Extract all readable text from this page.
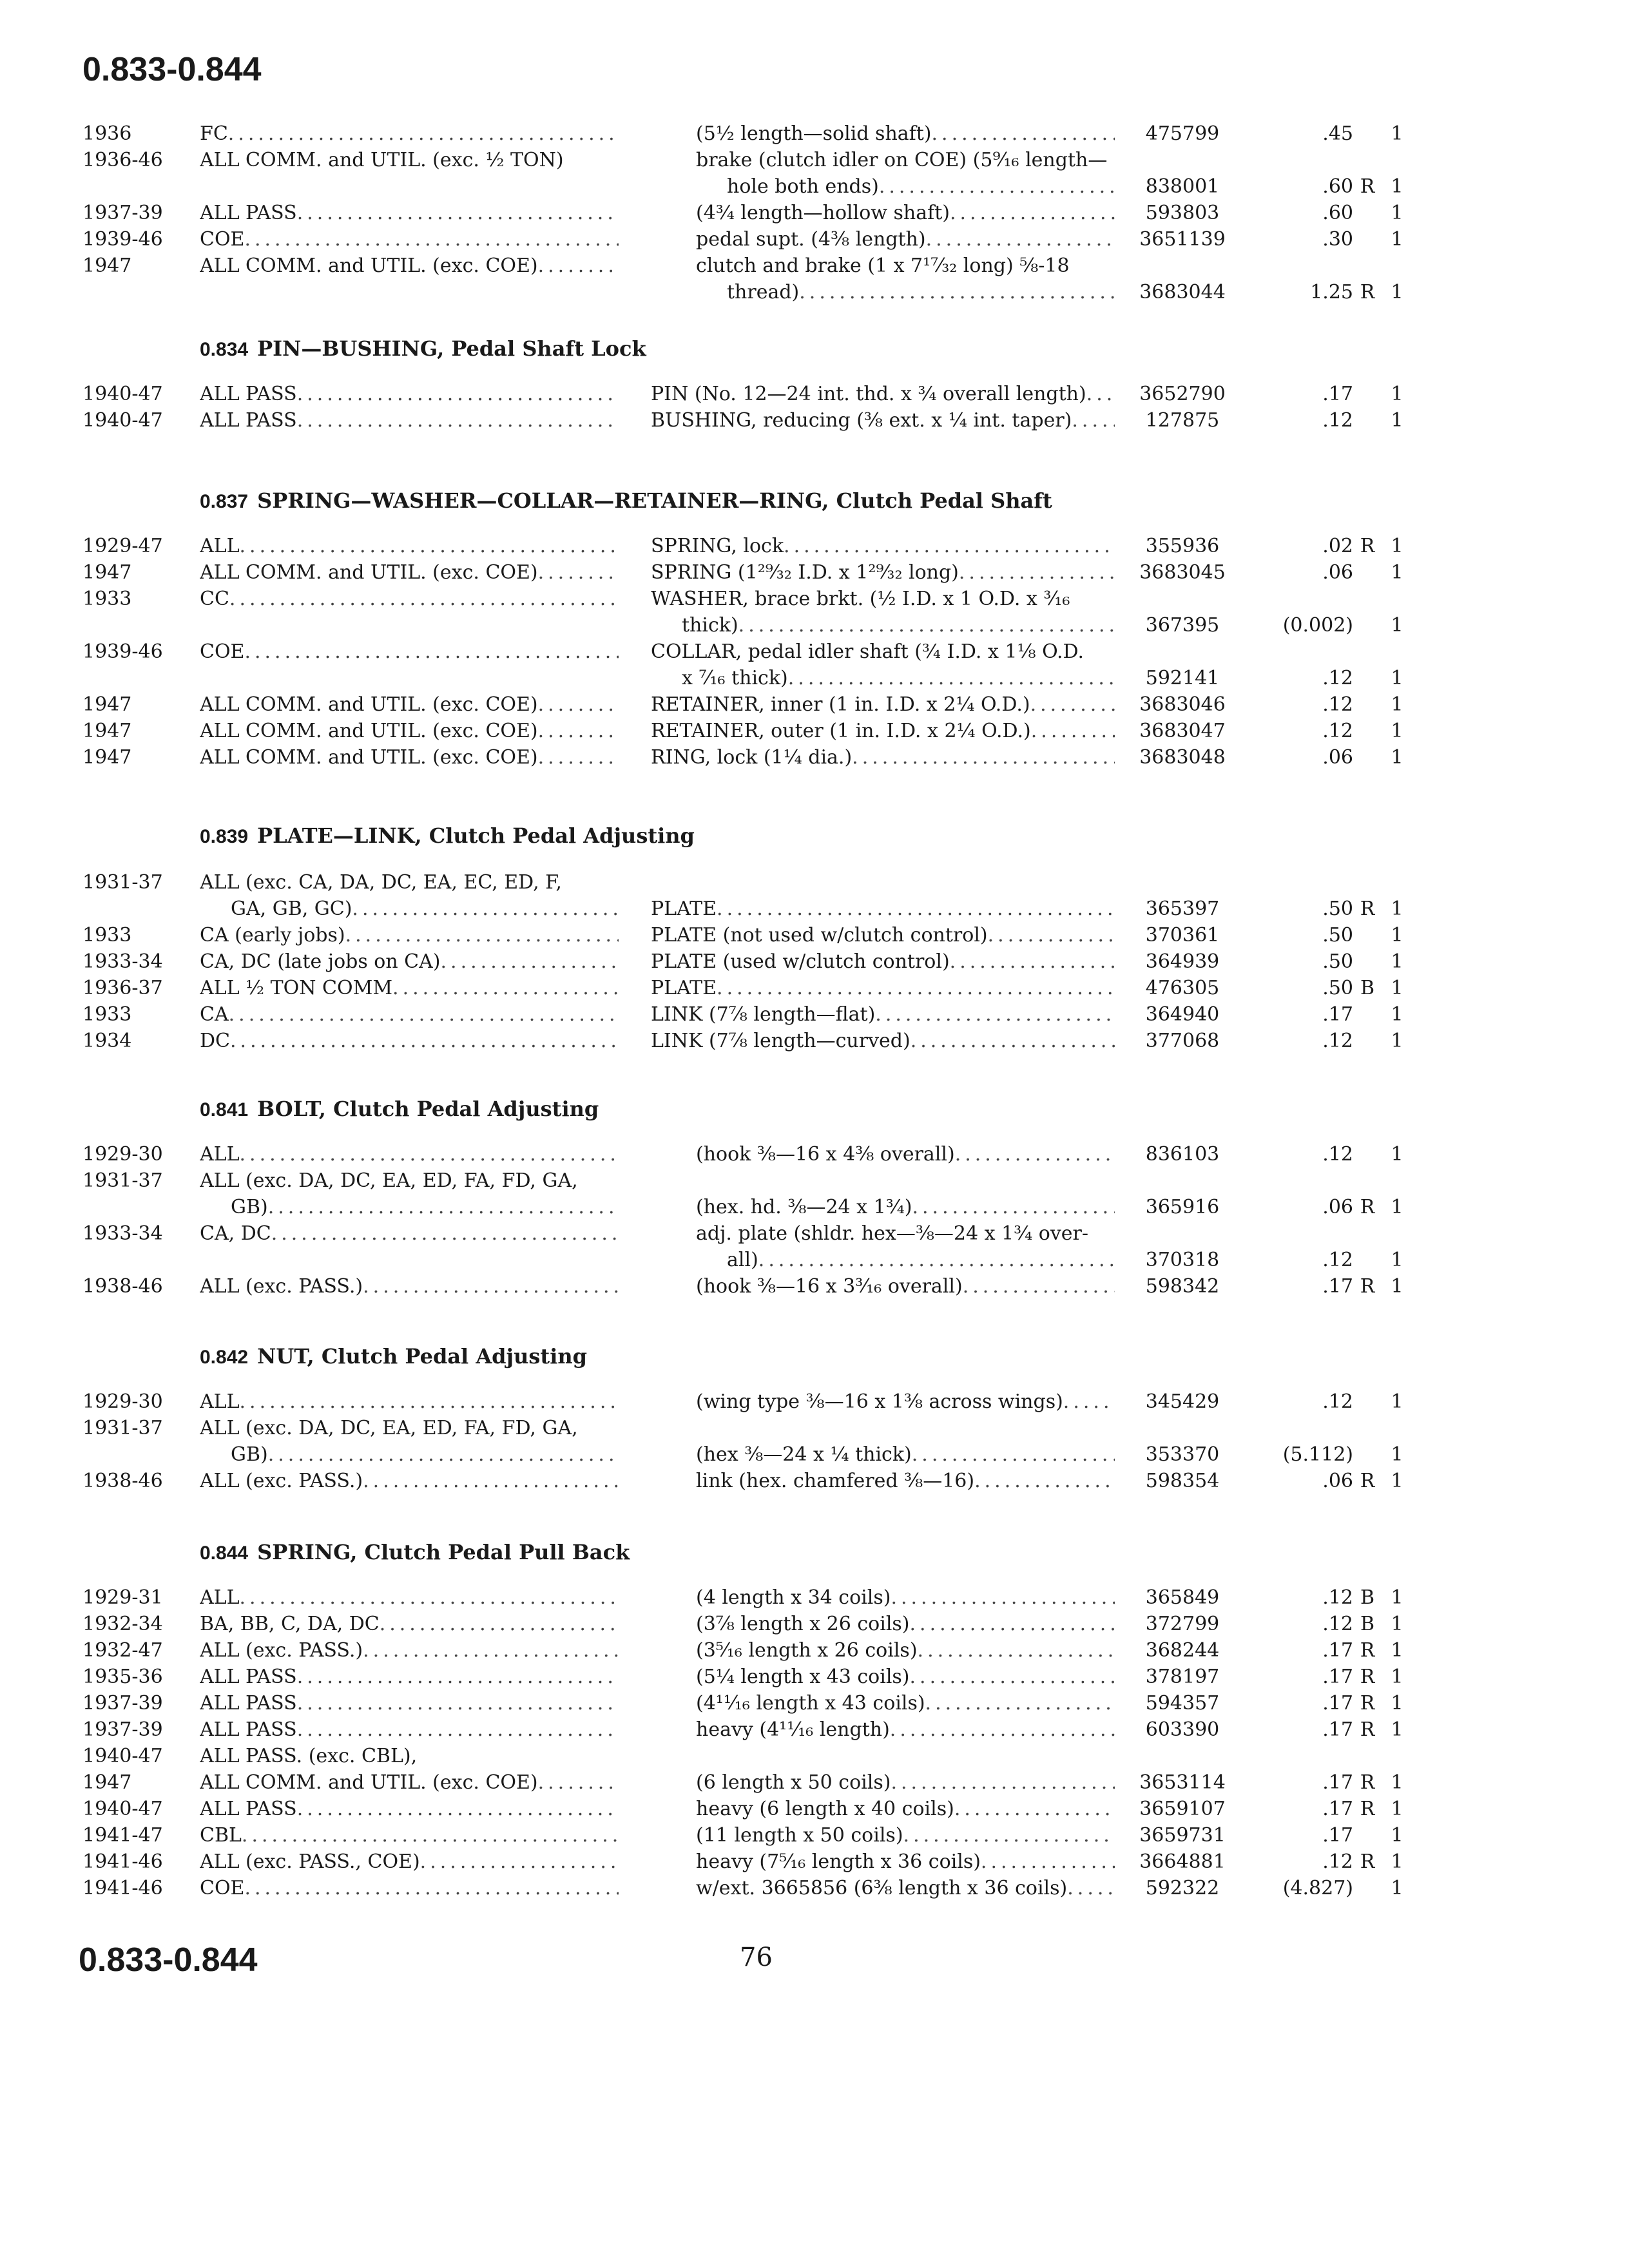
0.833-0.844
1936	FC .....	(5½ length—solid shaft) .....	475799	.45	1
1936-46	ALL COMM. and UTIL. (exc. ½ TON)	brake (clutch idler on COE) (5⁹⁄₁₆ length—
hole both ends) .....	838001	.60 R 1
1937-39	ALL PASS .....	(4¾ length—hollow shaft) .....	593803	.60	1
1939-46	COE .....	pedal supt. (4⅜ length) .....	3651139	.30	1
1947	ALL COMM. and UTIL. (exc. COE) .....	clutch and brake (1 x 7¹⁷⁄₃₂ long) ⅝-18
thread) .....	3683044	1.25 R 1
0.834 PIN—BUSHING, Pedal Shaft Lock
1940-47	ALL PASS .....	PIN (No. 12—24 int. thd. x ¾ overall length) .....	3652790	.17	1
1940-47	ALL PASS .....	BUSHING, reducing (⅜ ext. x ¼ int. taper) .....	127875	.12	1
0.837 SPRING—WASHER—COLLAR—RETAINER—RING, Clutch Pedal Shaft
1929-47	ALL .....	SPRING, lock .....	355936	.02 R 1
1947	ALL COMM. and UTIL. (exc. COE) .....	SPRING (1²⁹⁄₃₂ I.D. x 1²⁹⁄₃₂ long) .....	3683045	.06	1
1933	CC .....	WASHER, brace brkt. (½ I.D. x 1 O.D. x ³⁄₁₆
thick) .....	367395	(0.002)	1
1939-46	COE .....	COLLAR, pedal idler shaft (¾ I.D. x 1⅛ O.D.
x ⁷⁄₁₆ thick) .....	592141	.12	1
1947	ALL COMM. and UTIL. (exc. COE) .....	RETAINER, inner (1 in. I.D. x 2¼ O.D.) .....	3683046	.12	1
1947	ALL COMM. and UTIL. (exc. COE) .....	RETAINER, outer (1 in. I.D. x 2¼ O.D.) .....	3683047	.12	1
1947	ALL COMM. and UTIL. (exc. COE) .....	RING, lock (1¼ dia.) .....	3683048	.06	1
0.839 PLATE—LINK, Clutch Pedal Adjusting
1931-37	ALL (exc. CA, DA, DC, EA, EC, ED, F,
GA, GB, GC) .....	PLATE .....	365397	.50 R 1
1933	CA (early jobs) .....	PLATE (not used w/clutch control) .....	370361	.50	1
1933-34	CA, DC (late jobs on CA) .....	PLATE (used w/clutch control) .....	364939	.50	1
1936-37	ALL ½ TON COMM .....	PLATE .....	476305	.50 B 1
1933	CA .....	LINK (7⅞ length—flat) .....	364940	.17	1
1934	DC .....	LINK (7⅞ length—curved) .....	377068	.12	1
0.841 BOLT, Clutch Pedal Adjusting
1929-30	ALL .....	(hook ⅜—16 x 4⅜ overall) .....	836103	.12	1
1931-37	ALL (exc. DA, DC, EA, ED, FA, FD, GA,
GB) .....	(hex. hd. ⅜—24 x 1¾) .....	365916	.06 R 1
1933-34	CA, DC .....	adj. plate (shldr. hex—⅜—24 x 1¾ over-
all) .....	370318	.12	1
1938-46	ALL (exc. PASS.) .....	(hook ⅜—16 x 3³⁄₁₆ overall) .....	598342	.17 R 1
0.842 NUT, Clutch Pedal Adjusting
1929-30	ALL .....	(wing type ⅜—16 x 1⅜ across wings) .....	345429	.12	1
1931-37	ALL (exc. DA, DC, EA, ED, FA, FD, GA,
GB) .....	(hex ⅜—24 x ¼ thick) .....	353370	(5.112)	1
1938-46	ALL (exc. PASS.) .....	link (hex. chamfered ⅜—16) .....	598354	.06 R 1
0.844 SPRING, Clutch Pedal Pull Back
1929-31	ALL .....	(4 length x 34 coils) .....	365849	.12 B 1
1932-34	BA, BB, C, DA, DC .....	(3⅞ length x 26 coils) .....	372799	.12 B 1
1932-47	ALL (exc. PASS.) .....	(3⁵⁄₁₆ length x 26 coils) .....	368244	.17 R 1
1935-36	ALL PASS .....	(5¼ length x 43 coils) .....	378197	.17 R 1
1937-39	ALL PASS .....	(4¹¹⁄₁₆ length x 43 coils) .....	594357	.17 R 1
1937-39	ALL PASS .....	heavy (4¹¹⁄₁₆ length) .....	603390	.17 R 1
1940-47	ALL PASS. (exc. CBL),
1947	ALL COMM. and UTIL. (exc. COE) .....	(6 length x 50 coils) .....	3653114	.17 R 1
1940-47	ALL PASS .....	heavy (6 length x 40 coils) .....	3659107	.17 R 1
1941-47	CBL .....	(11 length x 50 coils) .....	3659731	.17	1
1941-46	ALL (exc. PASS., COE) .....	heavy (7⁵⁄₁₆ length x 36 coils) .....	3664881	.12 R 1
1941-46	COE .....	w/ext. 3665856 (6⅜ length x 36 coils) .....	592322	(4.827)	1
0.833-0.844	76
